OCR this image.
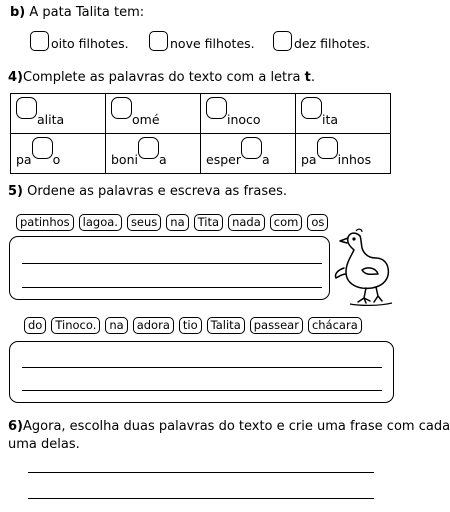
b) A pata Talita tem:
oito filhotes.	nove filhotes.	dez filhotes.
4)Complete as palavras do texto com a letra t.
alita	omé	inoco	ita

pa o	boni a	esper a	pa inhos
5) Ordene as palavras e escreva as frases.
patinhos	lagoa.	seus	na	Tita	nada	com	os
do	Tinoco.	na	adora	tio	Talita	passear	chácara
6)Agora, escolha duas palavras do texto e crie uma frase com cada
uma delas.
